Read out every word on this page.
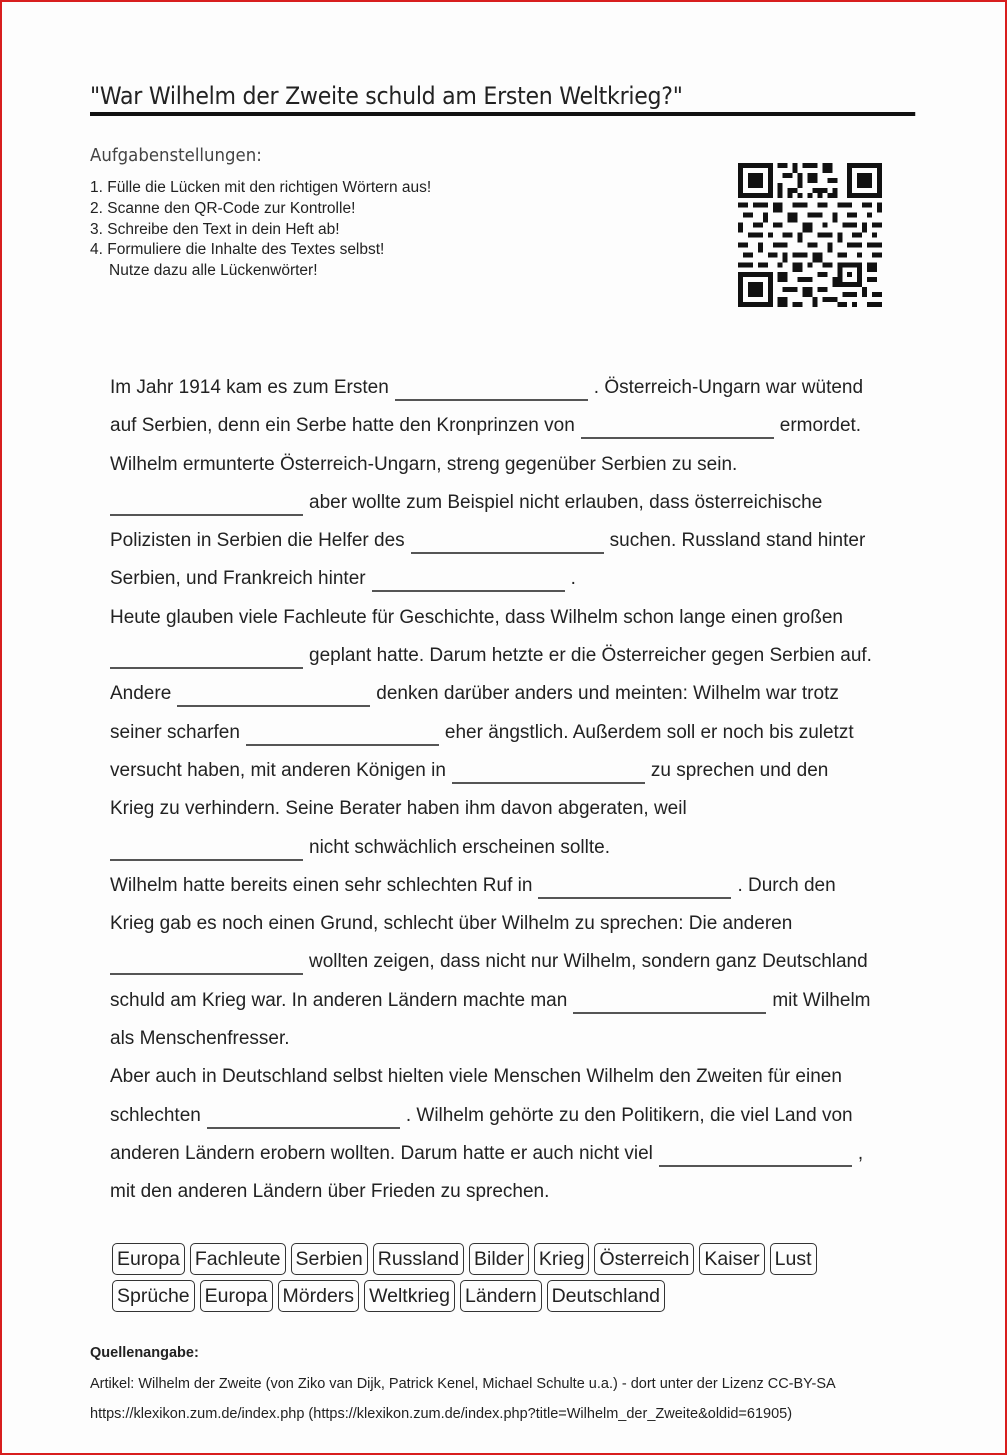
"War Wilhelm der Zweite schuld am Ersten Weltkrieg?"
Aufgabenstellungen:
1. Fülle die Lücken mit den richtigen Wörtern aus!
2. Scanne den QR-Code zur Kontrolle!
3. Schreibe den Text in dein Heft ab!
4. Formuliere die Inhalte des Textes selbst!
Nutze dazu alle Lückenwörter!
Im Jahr 1914 kam es zum Ersten	. Österreich-Ungarn war wütend
auf Serbien, denn ein Serbe hatte den Kronprinzen von	ermordet.
Wilhelm ermunterte Österreich-Ungarn, streng gegenüber Serbien zu sein.
aber wollte zum Beispiel nicht erlauben, dass österreichische
Polizisten in Serbien die Helfer des	suchen. Russland stand hinter
Serbien, und Frankreich hinter	.
Heute glauben viele Fachleute für Geschichte, dass Wilhelm schon lange einen großen
geplant hatte. Darum hetzte er die Österreicher gegen Serbien auf.
Andere	denken darüber anders und meinten: Wilhelm war trotz
seiner scharfen	eher ängstlich. Außerdem soll er noch bis zuletzt
versucht haben, mit anderen Königen in	zu sprechen und den
Krieg zu verhindern. Seine Berater haben ihm davon abgeraten, weil
nicht schwächlich erscheinen sollte.
Wilhelm hatte bereits einen sehr schlechten Ruf in	. Durch den
Krieg gab es noch einen Grund, schlecht über Wilhelm zu sprechen: Die anderen
wollten zeigen, dass nicht nur Wilhelm, sondern ganz Deutschland
schuld am Krieg war. In anderen Ländern machte man	mit Wilhelm
als Menschenfresser.
Aber auch in Deutschland selbst hielten viele Menschen Wilhelm den Zweiten für einen
schlechten	. Wilhelm gehörte zu den Politikern, die viel Land von
anderen Ländern erobern wollten. Darum hatte er auch nicht viel	,
mit den anderen Ländern über Frieden zu sprechen.
Europa Fachleute Serbien Russland Bilder Krieg Österreich Kaiser Lust
Sprüche Europa Mörders Weltkrieg Ländern Deutschland
Quellenangabe:
Artikel: Wilhelm der Zweite (von Ziko van Dijk, Patrick Kenel, Michael Schulte u.a.) - dort unter der Lizenz CC-BY-SA
https://klexikon.zum.de/index.php (https://klexikon.zum.de/index.php?title=Wilhelm_der_Zweite&oldid=61905)
